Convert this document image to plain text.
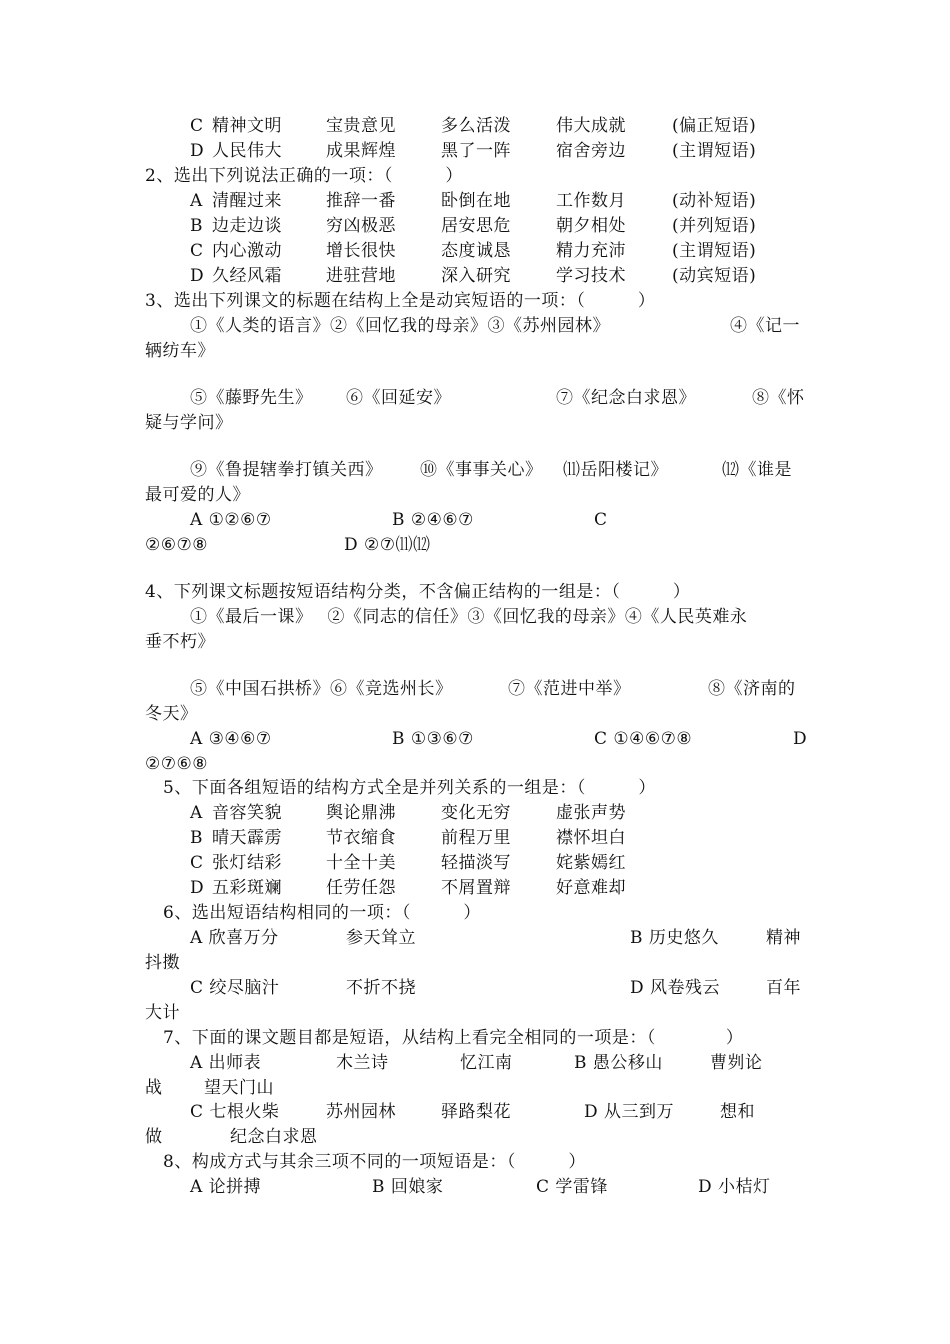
C 精神文明	宝贵意见	多么活泼	伟大成就	(偏正短语)
D 人民伟大	成果辉煌	黑了一阵	宿舍旁边	(主谓短语)
2、选出下列说法正确的一项：（　　　）
A 清醒过来	推辞一番	卧倒在地	工作数月	(动补短语)
B 边走边谈	穷凶极恶	居安思危	朝夕相处	(并列短语)
C 内心激动	增长很快	态度诚恳	精力充沛	(主谓短语)
D 久经风霜	进驻营地	深入研究	学习技术	(动宾短语)
3、选出下列课文的标题在结构上全是动宾短语的一项：（　　　）
①《人类的语言》②《回忆我的母亲》③《苏州园林》	④《记一
辆纺车》
⑤《藤野先生》 ⑥《回延安》	⑦《纪念白求恩》	⑧《怀
疑与学问》
⑨《鲁提辖拳打镇关西》 ⑩《事事关心》 ⑾岳阳楼记》	⑿《谁是
最可爱的人》
A ①②⑥⑦	B ②④⑥⑦	C
②⑥⑦⑧	D ②⑦⑾⑿
4、下列课文标题按短语结构分类，不含偏正结构的一组是：（　　　）
①《最后一课》　 ②《同志的信任》③《回忆我的母亲》④《人民英难永
垂不朽》
⑤《中国石拱桥》⑥《竞选州长》	⑦《范进中举》	⑧《济南的
冬天》
A ③④⑥⑦	B ①③⑥⑦	C ①④⑥⑦⑧	D
②⑦⑥⑧
5、下面各组短语的结构方式全是并列关系的一组是：（　　　）
A 音容笑貌	舆论鼎沸	变化无穷	虚张声势
B 晴天霹雳	节衣缩食	前程万里	襟怀坦白
C 张灯结彩	十全十美	轻描淡写	姹紫嫣红
D 五彩斑斓	任劳任怨	不屑置辩	好意难却
6、选出短语结构相同的一项：（　　　）
A 欣喜万分	参天耸立	B 历史悠久	精神
抖擞
C 绞尽脑汁	不折不挠	D 风卷残云	百年
大计
7、下面的课文题目都是短语，从结构上看完全相同的一项是：（　　　　）
A 出师表	木兰诗	忆江南	B 愚公移山	曹刿论
战 望天门山
C 七根火柴	苏州园林	驿路梨花	D 从三到万	想和
做	纪念白求恩
8、构成方式与其余三项不同的一项短语是：（　　　）
A 论拼搏	B 回娘家	C 学雷锋	D 小桔灯
